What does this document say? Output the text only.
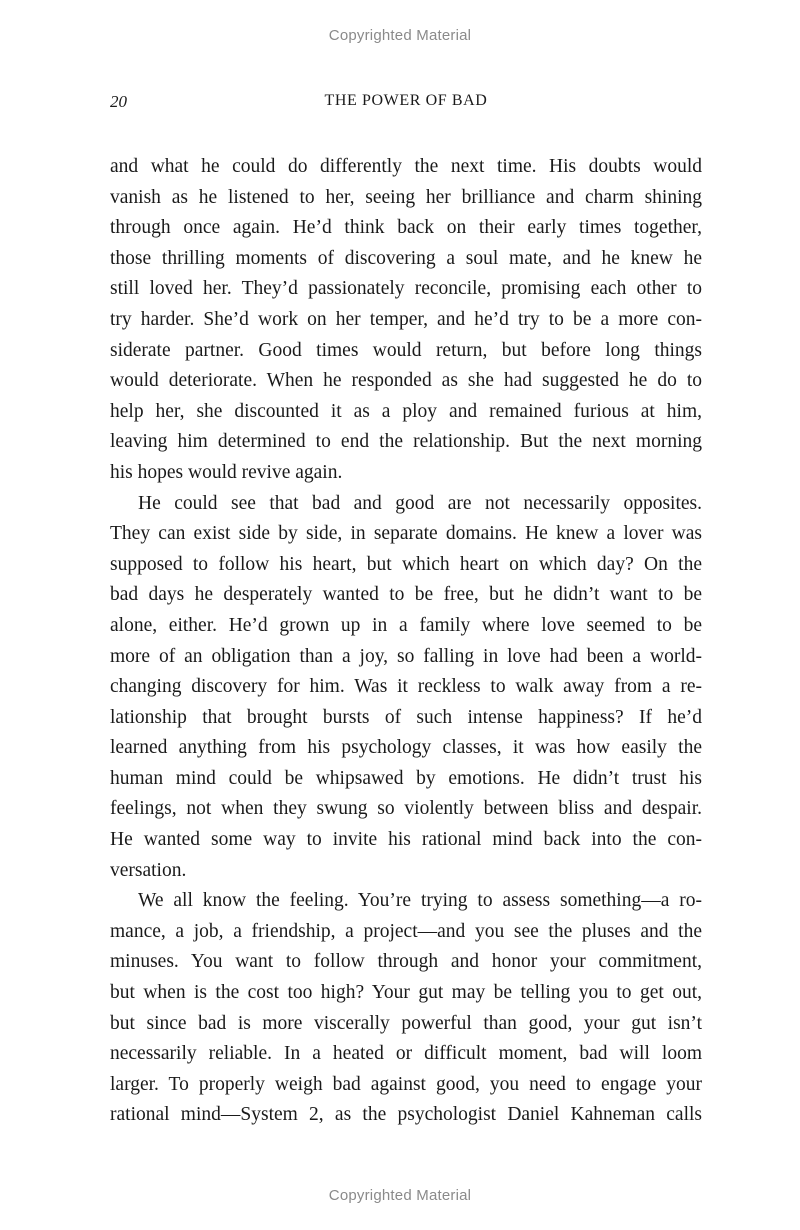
Copyrighted Material
20	THE POWER OF BAD
and what he could do differently the next time. His doubts would
vanish as he listened to her, seeing her brilliance and charm shining
through once again. He’d think back on their early times together,
those thrilling moments of discovering a soul mate, and he knew he
still loved her. They’d passionately reconcile, promising each other to
try harder. She’d work on her temper, and he’d try to be a more con-
siderate partner. Good times would return, but before long things
would deteriorate. When he responded as she had suggested he do to
help her, she discounted it as a ploy and remained furious at him,
leaving him determined to end the relationship. But the next morning
his hopes would revive again.
He could see that bad and good are not necessarily opposites.
They can exist side by side, in separate domains. He knew a lover was
supposed to follow his heart, but which heart on which day? On the
bad days he desperately wanted to be free, but he didn’t want to be
alone, either. He’d grown up in a family where love seemed to be
more of an obligation than a joy, so falling in love had been a world-
changing discovery for him. Was it reckless to walk away from a re-
lationship that brought bursts of such intense happiness? If he’d
learned anything from his psychology classes, it was how easily the
human mind could be whipsawed by emotions. He didn’t trust his
feelings, not when they swung so violently between bliss and despair.
He wanted some way to invite his rational mind back into the con-
versation.
We all know the feeling. You’re trying to assess something—a ro-
mance, a job, a friendship, a project—and you see the pluses and the
minuses. You want to follow through and honor your commitment,
but when is the cost too high? Your gut may be telling you to get out,
but since bad is more viscerally powerful than good, your gut isn’t
necessarily reliable. In a heated or difficult moment, bad will loom
larger. To properly weigh bad against good, you need to engage your
rational mind—System 2, as the psychologist Daniel Kahneman calls
Copyrighted Material
